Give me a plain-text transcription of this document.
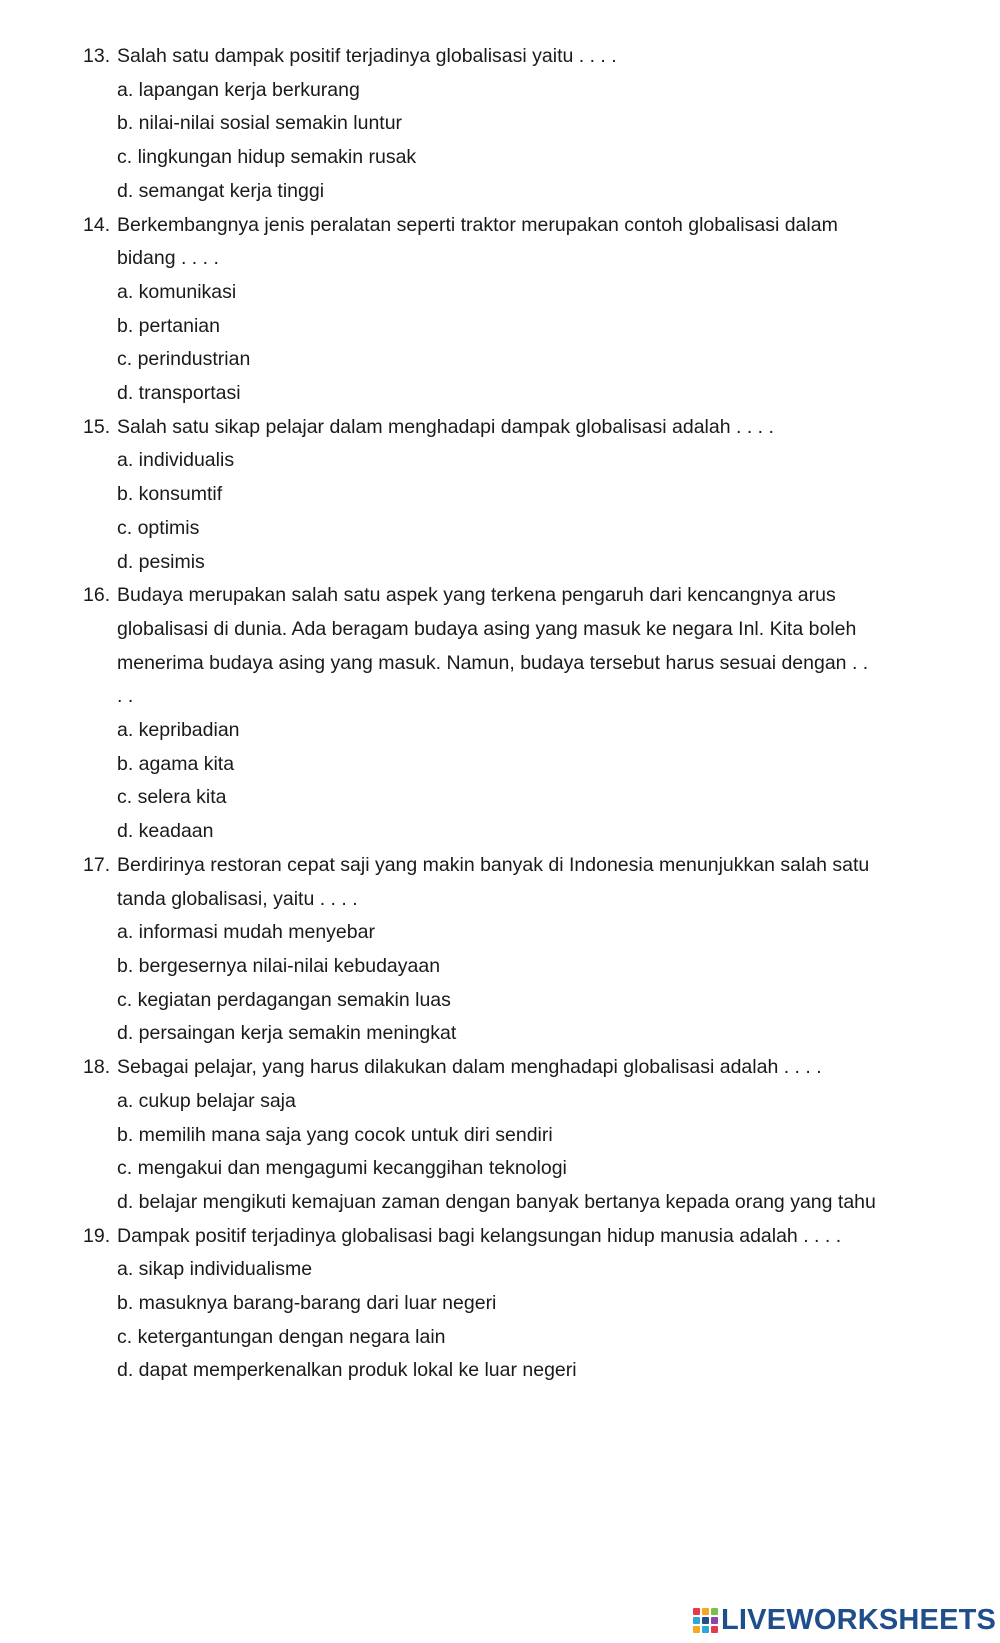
13. Salah satu dampak positif terjadinya globalisasi yaitu . . . .
a. lapangan kerja berkurang
b. nilai-nilai sosial semakin luntur
c. lingkungan hidup semakin rusak
d. semangat kerja tinggi
14. Berkembangnya jenis peralatan seperti traktor merupakan contoh globalisasi dalam bidang . . . .
a. komunikasi
b. pertanian
c. perindustrian
d. transportasi
15. Salah satu sikap pelajar dalam menghadapi dampak globalisasi adalah . . . .
a. individualis
b. konsumtif
c. optimis
d. pesimis
16. Budaya merupakan salah satu aspek yang terkena pengaruh dari kencangnya arus globalisasi di dunia. Ada beragam budaya asing yang masuk ke negara Inl. Kita boleh menerima budaya asing yang masuk. Namun, budaya tersebut harus sesuai dengan . . . .
a. kepribadian
b. agama kita
c. selera kita
d. keadaan
17. Berdirinya restoran cepat saji yang makin banyak di Indonesia menunjukkan salah satu tanda globalisasi, yaitu . . . .
a. informasi mudah menyebar
b. bergesernya nilai-nilai kebudayaan
c. kegiatan perdagangan semakin luas
d. persaingan kerja semakin meningkat
18. Sebagai pelajar, yang harus dilakukan dalam menghadapi globalisasi adalah . . . .
a. cukup belajar saja
b. memilih mana saja yang cocok untuk diri sendiri
c. mengakui dan mengagumi kecanggihan teknologi
d. belajar mengikuti kemajuan zaman dengan banyak bertanya kepada orang yang tahu
19. Dampak positif terjadinya globalisasi bagi kelangsungan hidup manusia adalah . . . .
a. sikap individualisme
b. masuknya barang-barang dari luar negeri
c. ketergantungan dengan negara lain
d. dapat memperkenalkan produk lokal ke luar negeri
LIVEWORKSHEETS
